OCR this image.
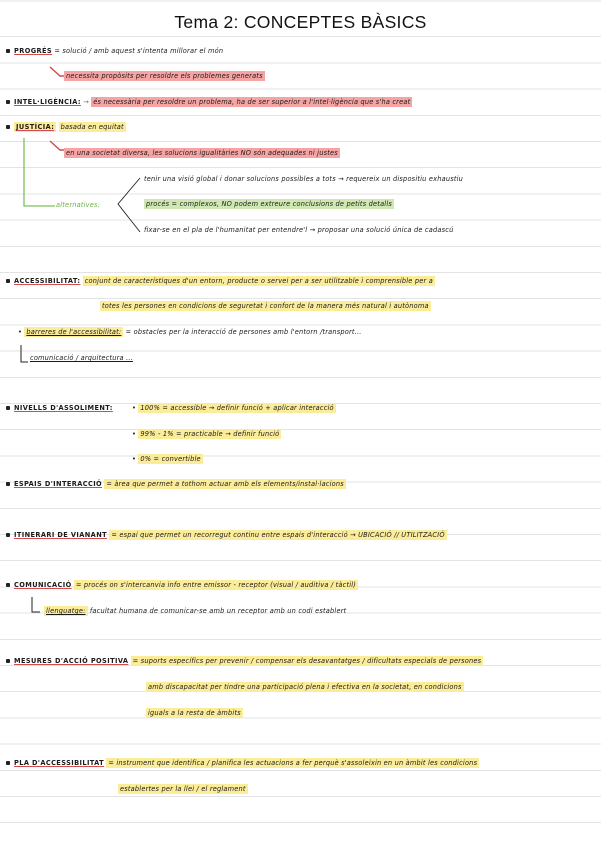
Tema 2: CONCEPTES BÀSICS
PROGRÉS = solució / amb aquest s'intenta millorar el món
necessita propòsits per resoldre els problemes generats
INTEL·LIGÈNCIA: → és necessària per resoldre un problema, ha de ser superior a l'intel·ligència que s'ha creat
JUSTÍCIA: basada en equitat
en una societat diversa, les solucions igualitàries NO són adequades ni justes
alternatives:
tenir una visió global i donar solucions possibles a tots → requereix un dispositiu exhaustiu
procés = complexos, NO podem extreure conclusions de petits detalls
fixar-se en el pla de l'humanitat per entendre'l → proposar una solució única de cadascú
ACCESSIBILITAT: conjunt de característiques d'un entorn, producte o servei per a ser utilitzable i comprensible per a
totes les persones en condicions de seguretat i confort de la manera més natural i autònoma
• barreres de l'accessibilitat: = obstacles per la interacció de persones amb l'entorn /transport...
comunicació / arquitectura ...
NIVELLS D'ASSOLIMENT:	• 100% = accessible → definir funció + aplicar interacció
• 99% - 1% = practicable → definir funció
• 0% = convertible
ESPAIS D'INTERACCIÓ = àrea que permet a tothom actuar amb els elements/instal·lacions
ITINERARI DE VIANANT = espai que permet un recorregut continu entre espais d'interacció → UBICACIÓ // UTILITZACIÓ
COMUNICACIÓ = procés on s'intercanvia info entre emissor - receptor (visual / auditiva / tàctil)
llenguatge: facultat humana de comunicar-se amb un receptor amb un codi establert
MESURES D'ACCIÓ POSITIVA = suports específics per prevenir / compensar els desavantatges / dificultats especials de persones
amb discapacitat per tindre una participació plena i efectiva en la societat, en condicions
iguals a la resta de àmbits
PLA D'ACCESSIBILITAT = instrument que identifica / planifica les actuacions a fer perquè s'assoleixin en un àmbit les condicions
establertes per la llei / el reglament
